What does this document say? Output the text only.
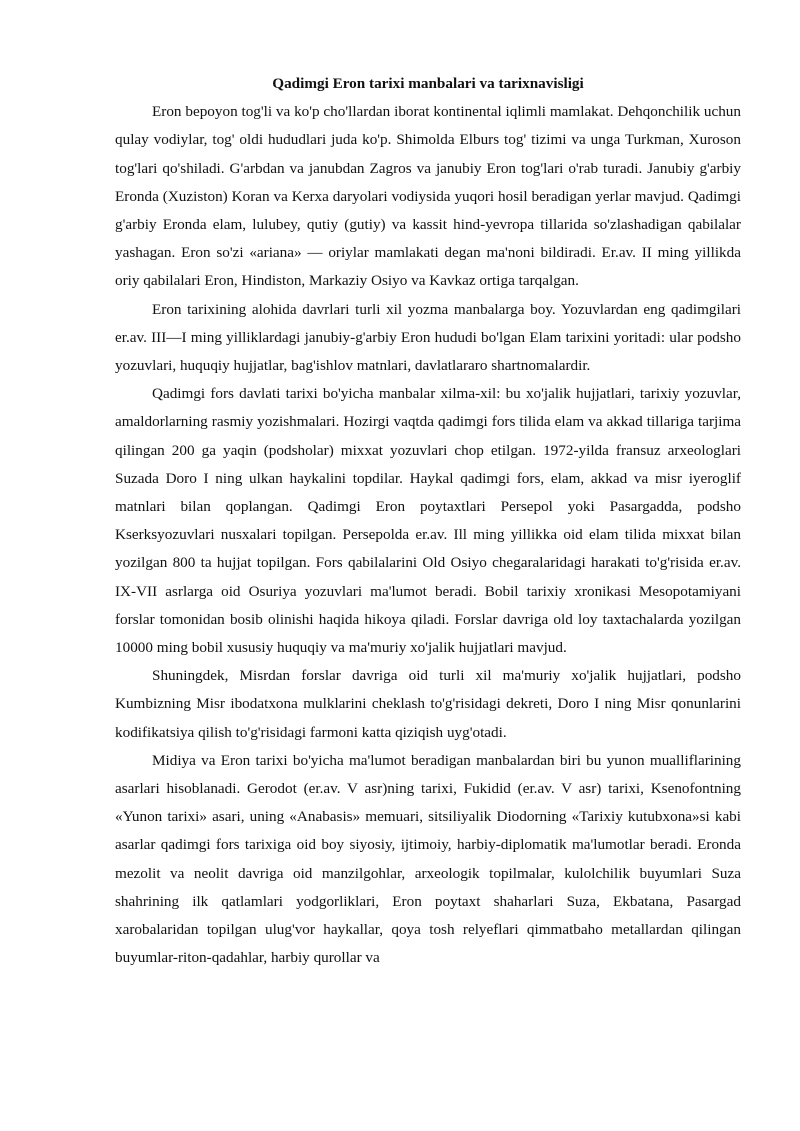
Qadimgi Eron tarixi manbalari va tarixnavisligi

Eron bepoyon tog'li va ko'p cho'llardan iborat kontinental iqlimli mamlakat. Dehqonchilik uchun qulay vodiylar, tog' oldi hududlari juda ko'p. Shimolda Elburs tog' tizimi va unga Turkman, Xuroson tog'lari qo'shiladi. G'arbdan va janubdan Zagros va janubiy Eron tog'lari o'rab turadi. Janubiy g'arbiy Eronda (Xuziston) Koran va Kerxa daryolari vodiysida yuqori hosil beradigan yerlar mavjud. Qadimgi g'arbiy Eronda elam, lulubey, qutiy (gutiy) va kassit hind-yevropa tillarida so'zlashadigan qabilalar yashagan. Eron so'zi «ariana» — oriylar mamlakati degan ma'noni bildiradi. Er.av. II ming yillikda oriy qabilalari Eron, Hindiston, Markaziy Osiyo va Kavkaz ortiga tarqalgan.

Eron tarixining alohida davrlari turli xil yozma manbalarga boy. Yozuvlardan eng qadimgilari er.av. III—I ming yilliklardagi janubiy-g'arbiy Eron hududi bo'lgan Elam tarixini yoritadi: ular podsho yozuvlari, huquqiy hujjatlar, bag'ishlov matnlari, davlatlararo shartnomalardir.

Qadimgi fors davlati tarixi bo'yicha manbalar xilma-xil: bu xo'jalik hujjatlari, tarixiy yozuvlar, amaldorlarning rasmiy yozishmalari. Hozirgi vaqtda qadimgi fors tilida elam va akkad tillariga tarjima qilingan 200 ga yaqin (podsholar) mixxat yozuvlari chop etilgan. 1972-yilda fransuz arxeologlari Suzada Doro I ning ulkan haykalini topdilar. Haykal qadimgi fors, elam, akkad va misr iyeroglif matnlari bilan qoplangan. Qadimgi Eron poytaxtlari Persepol yoki Pasargadda, podsho Kserksyozuvlari nusxalari topilgan. Persepolda er.av. Ill ming yillikka oid elam tilida mixxat bilan yozilgan 800 ta hujjat topilgan. Fors qabilalarini Old Osiyo chegaralaridagi harakati to'g'risida er.av. IX-VII asrlarga oid Osuriya yozuvlari ma'lumot beradi. Bobil tarixiy xronikasi Mesopotamiyani forslar tomonidan bosib olinishi haqida hikoya qiladi. Forslar davriga old loy taxtachalarda yozilgan 10000 ming bobil xususiy huquqiy va ma'muriy xo'jalik hujjatlari mavjud.

Shuningdek, Misrdan forslar davriga oid turli xil ma'muriy xo'jalik hujjatlari, podsho Kumbizning Misr ibodatxona mulklarini cheklash to'g'risidagi dekreti, Doro I ning Misr qonunlarini kodifikatsiya qilish to'g'risidagi farmoni katta qiziqish uyg'otadi.

Midiya va Eron tarixi bo'yicha ma'lumot beradigan manbalardan biri bu yunon mualliflarining asarlari hisoblanadi. Gerodot (er.av. V asr)ning tarixi, Fukidid (er.av. V asr) tarixi, Ksenofontning «Yunon tarixi» asari, uning «Anabasis» memuari, sitsiliyalik Diodorning «Tarixiy kutubxona»si kabi asarlar qadimgi fors tarixiga oid boy siyosiy, ijtimoiy, harbiy-diplomatik ma'lumotlar beradi. Eronda mezolit va neolit davriga oid manzilgohlar, arxeologik topilmalar, kulolchilik buyumlari Suza shahrining ilk qatlamlari yodgorliklari, Eron poytaxt shaharlari Suza, Ekbatana, Pasargad xarobalaridan topilgan ulug'vor haykallar, qoya tosh relyeflari qimmatbaho metallardan qilingan buyumlar-riton-qadahlar, harbiy qurollar va
